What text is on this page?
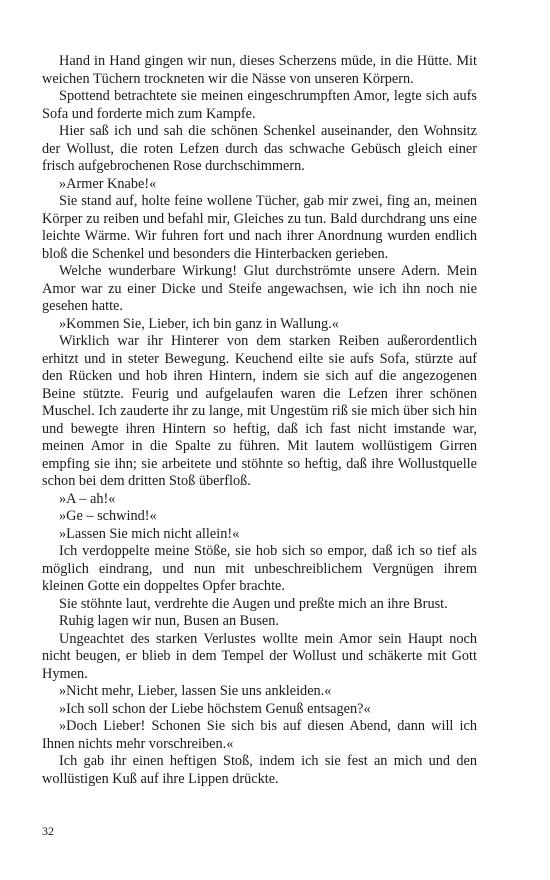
Hand in Hand gingen wir nun, dieses Scherzens müde, in die Hütte. Mit weichen Tüchern trockneten wir die Nässe von unseren Körpern.

Spottend betrachtete sie meinen eingeschrumpften Amor, legte sich aufs Sofa und forderte mich zum Kampfe.

Hier saß ich und sah die schönen Schenkel auseinander, den Wohnsitz der Wollust, die roten Lefzen durch das schwache Gebüsch gleich einer frisch aufgebrochenen Rose durchschimmern.

»Armer Knabe!«

Sie stand auf, holte feine wollene Tücher, gab mir zwei, fing an, meinen Körper zu reiben und befahl mir, Gleiches zu tun. Bald durchdrang uns eine leichte Wärme. Wir fuhren fort und nach ihrer Anordnung wurden endlich bloß die Schenkel und besonders die Hinterbacken gerieben.

Welche wunderbare Wirkung! Glut durchströmte unsere Adern. Mein Amor war zu einer Dicke und Steife angewachsen, wie ich ihn noch nie gesehen hatte.

»Kommen Sie, Lieber, ich bin ganz in Wallung.«

Wirklich war ihr Hinterer von dem starken Reiben außerordentlich erhitzt und in steter Bewegung. Keuchend eilte sie aufs Sofa, stürzte auf den Rücken und hob ihren Hintern, indem sie sich auf die angezogenen Beine stützte. Feurig und aufgelaufen waren die Lefzen ihrer schönen Muschel. Ich zauderte ihr zu lange, mit Ungestüm riß sie mich über sich hin und bewegte ihren Hintern so heftig, daß ich fast nicht imstande war, meinen Amor in die Spalte zu führen. Mit lautem wollüstigem Girren empfing sie ihn; sie arbeitete und stöhnte so heftig, daß ihre Wollustquelle schon bei dem dritten Stoß überfloß.

»A – ah!«

»Ge – schwind!«

»Lassen Sie mich nicht allein!«

Ich verdoppelte meine Stöße, sie hob sich so empor, daß ich so tief als möglich eindrang, und nun mit unbeschreiblichem Vergnügen ihrem kleinen Gotte ein doppeltes Opfer brachte.

Sie stöhnte laut, verdrehte die Augen und preßte mich an ihre Brust.

Ruhig lagen wir nun, Busen an Busen.

Ungeachtet des starken Verlustes wollte mein Amor sein Haupt noch nicht beugen, er blieb in dem Tempel der Wollust und schäkerte mit Gott Hymen.

»Nicht mehr, Lieber, lassen Sie uns ankleiden.«

»Ich soll schon der Liebe höchstem Genuß entsagen?«

»Doch Lieber! Schonen Sie sich bis auf diesen Abend, dann will ich Ihnen nichts mehr vorschreiben.«

Ich gab ihr einen heftigen Stoß, indem ich sie fest an mich und den wollüstigen Kuß auf ihre Lippen drückte.

32
